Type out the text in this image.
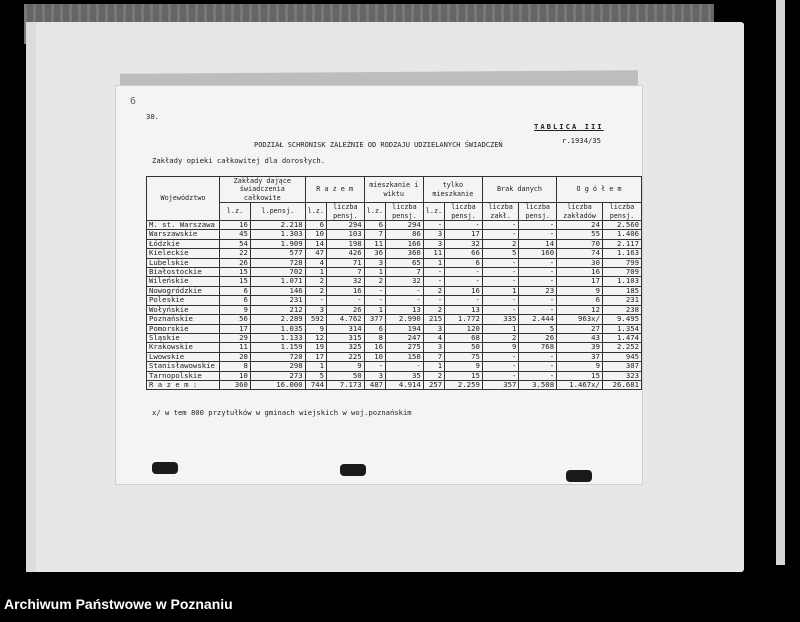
6
30.
TABLICA III
r.1934/35
PODZIAŁ SCHRONISK ZALEŻNIE OD RODZAJU UDZIELANYCH ŚWIADCZEŃ
Zakłady opieki całkowitej dla dorosłych.
Województwo	Zakłady dające świadczenia całkowite		R a z e m		mieszkanie i wiktu		tylko mieszkanie		Brak danych		O g ó ł e m	
	l.z.	l.pensj.	l.z.	liczba pensj.	l.z.	liczba pensj.	l.z.	liczba pensj.	liczba zakł.	liczba pensj.	liczba zakładów	liczba pensj.
M. st. Warszawa	16	2.218	6	294	6	294	-	-	-	-	24	2.560
Warszawskie	45	1.303	10	103	7	86	3	17	-	-	55	1.406
Łódzkie	54	1.909	14	198	11	166	3	32	2	14	70	2.117
Kieleckie	22	577	47	426	36	360	11	66	5	160	74	1.163
Lubelskie	26	728	4	71	3	65	1	6	-	-	30	799
Białostockie	15	702	1	7	1	7	-	-	-	-	16	709
Wileńskie	15	1.071	2	32	2	32	-	-	-	-	17	1.103
Nowogródzkie	6	146	2	16	-	-	2	16	1	23	9	185
Poleskie	6	231	-	-	-	-	-	-	-	-	6	231
Wołyńskie	9	212	3	26	1	13	2	13	-	-	12	238
Poznańskie	56	2.289	592	4.762	377	2.990	215	1.772	335	2.444	963x/	9.495
Pomorskie	17	1.035	9	314	6	194	3	120	1	5	27	1.354
Śląskie	29	1.133	12	315	8	247	4	68	2	26	43	1.474
Krakowskie	11	1.159	19	325	16	275	3	50	9	768	39	2.252
Lwowskie	20	720	17	225	10	150	7	75	-	-	37	945
Stanisławowskie	8	298	1	9	-	-	1	9	-	-	9	307
Tarnopolskie	10	273	5	50	3	35	2	15	-	-	15	323
R a z e m :	360	16.000	744	7.173	487	4.914	257	2.259	357	3.508	1.467x/	26.681
x/ w tem 800 przytułków w gminach wiejskich w woj.poznańskim
Archiwum Państwowe w Poznaniu
